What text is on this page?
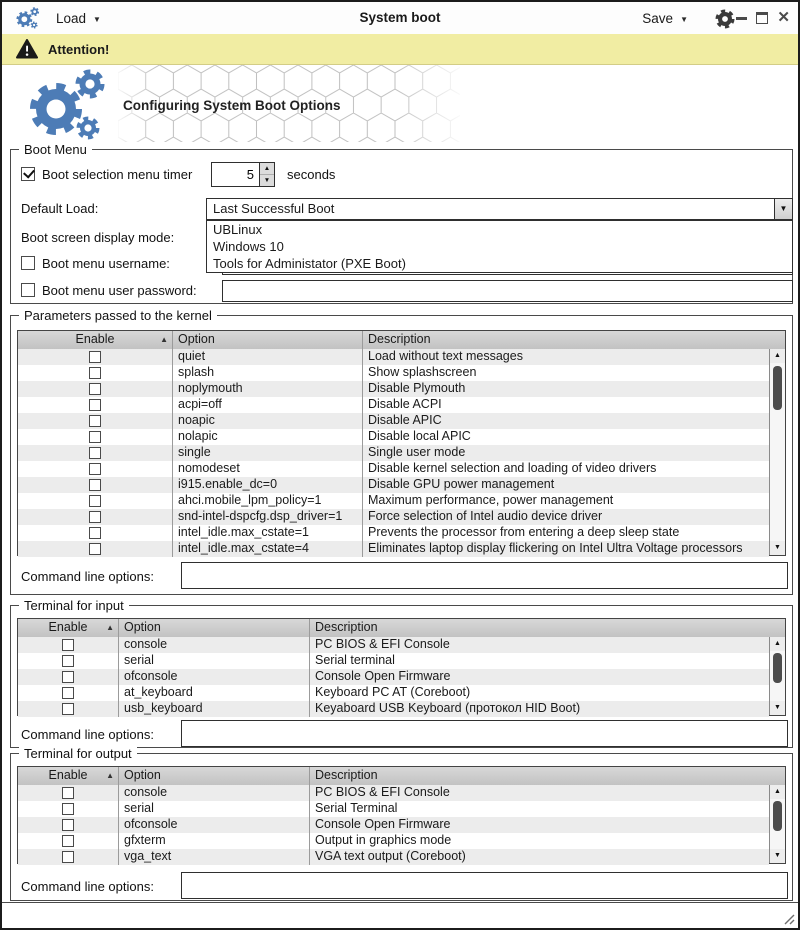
Load ▼	System boot	Save ▼	✕
Attention!
Configuring System Boot Options
Boot Menu
Boot selection menu timer
5	▲
▼ seconds
Default Load:	Last Successful Boot	▼
Boot screen display mode:
Boot menu username:
UBLinux
Windows 10
Tools for Administator (PXE Boot)
Boot menu user password:
Parameters passed to the kernel
Enable	▲ Option	Description
quiet	Load without text messages
splash	Show splashscreen
noplymouth	Disable Plymouth
acpi=off	Disable ACPI
noapic	Disable APIC
nolapic	Disable local APIC
single	Single user mode
nomodeset	Disable kernel selection and loading of video drivers
i915.enable_dc=0	Disable GPU power management
ahci.mobile_lpm_policy=1	Maximum performance, power management
snd-intel-dspcfg.dsp_driver=1	Force selection of Intel audio device driver
intel_idle.max_cstate=1	Prevents the processor from entering a deep sleep state
intel_idle.max_cstate=4	Eliminates laptop display flickering on Intel Ultra Voltage processors
▲
▼
Command line options:
Terminal for input
Enable ▲ Option	Description
console	PC BIOS & EFI Console
serial	Serial terminal
ofconsole	Console Open Firmware
at_keyboard	Keyboard PC AT (Coreboot)
usb_keyboard	Keyaboard USB Keyboard (протокол HID Boot)
▲
▼
Command line options:
Terminal for output
Enable ▲ Option	Description
console	PC BIOS & EFI Console
serial	Serial Terminal
ofconsole	Console Open Firmware
gfxterm	Output in graphics mode
vga_text	VGA text output (Coreboot)
▲
▼
Command line options:
